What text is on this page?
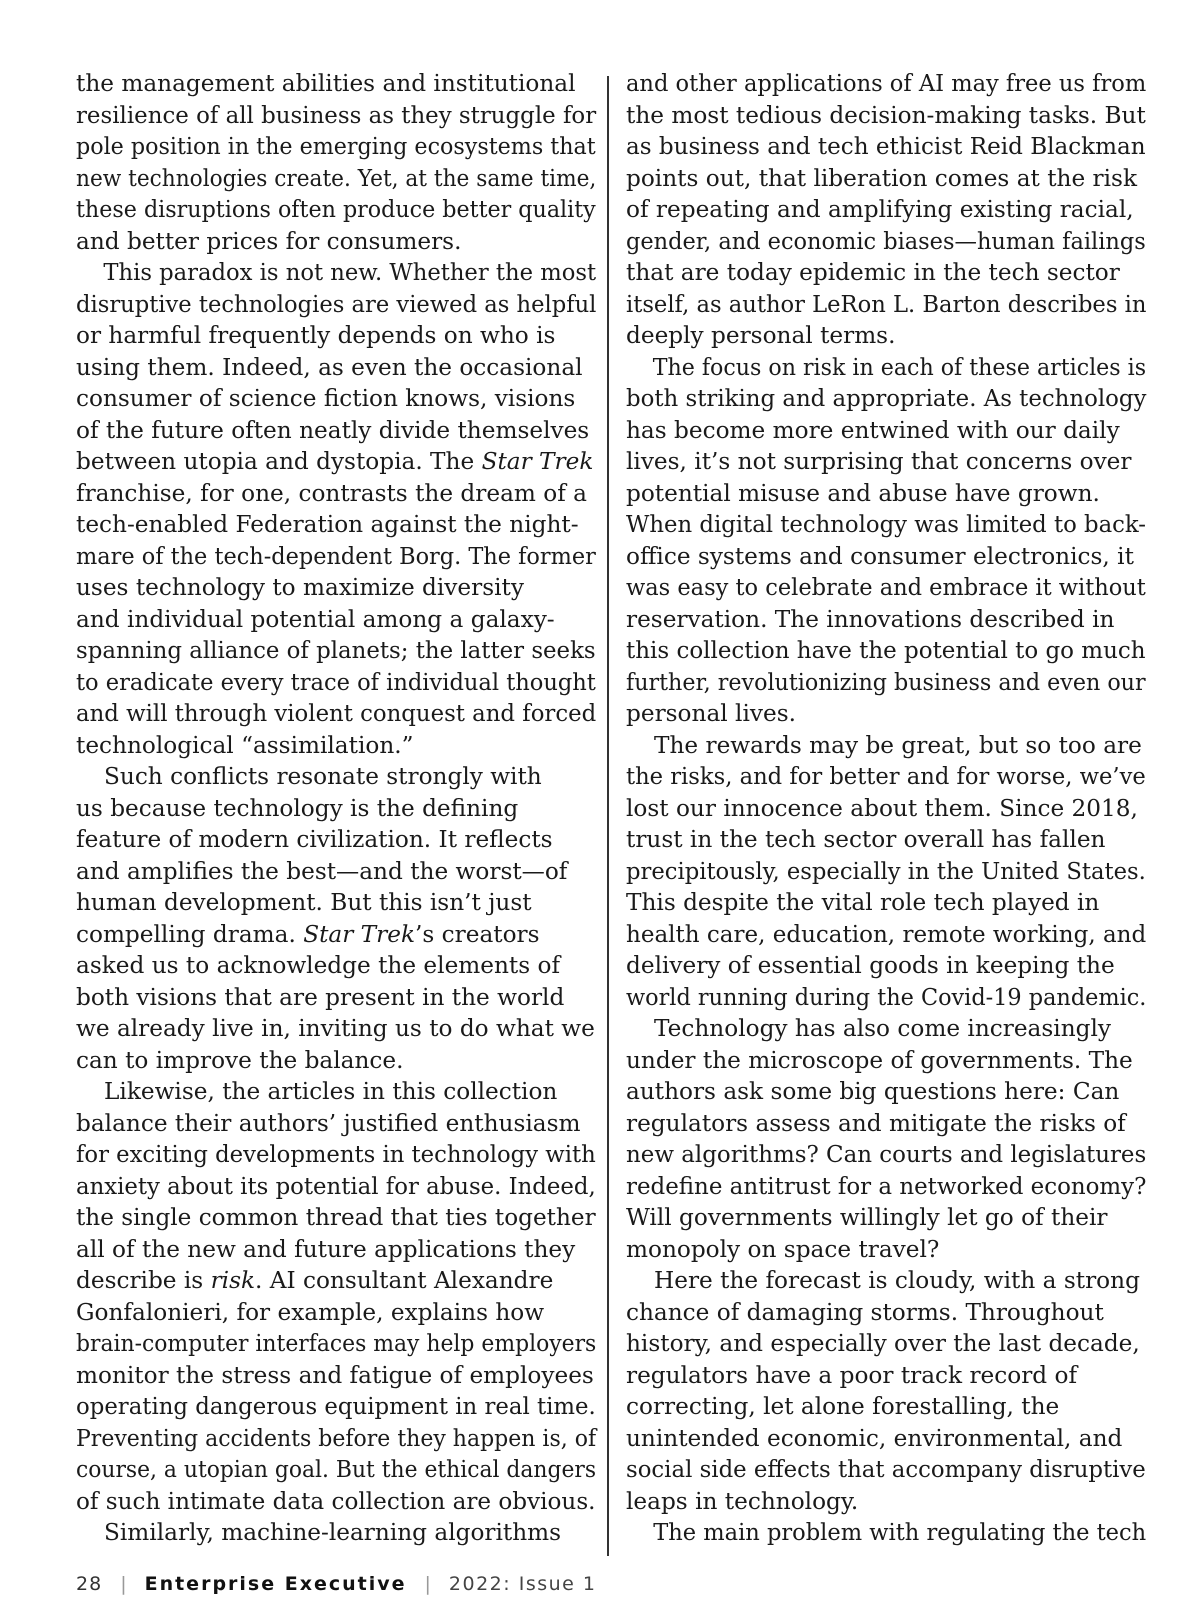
the management abilities and institutional
resilience of all business as they struggle for
pole position in the emerging ecosystems that
new technologies create. Yet, at the same time,
these disruptions often produce better quality
and better prices for consumers.
This paradox is not new. Whether the most
disruptive technologies are viewed as helpful
or harmful frequently depends on who is
using them. Indeed, as even the occasional
consumer of science fiction knows, visions
of the future often neatly divide themselves
between utopia and dystopia. The Star Trek
franchise, for one, contrasts the dream of a
tech-enabled Federation against the night-
mare of the tech-dependent Borg. The former
uses technology to maximize diversity
and individual potential among a galaxy-
spanning alliance of planets; the latter seeks
to eradicate every trace of individual thought
and will through violent conquest and forced
technological “assimilation.”
Such conflicts resonate strongly with
us because technology is the defining
feature of modern civilization. It reflects
and amplifies the best—and the worst—of
human development. But this isn’t just
compelling drama. Star Trek’s creators
asked us to acknowledge the elements of
both visions that are present in the world
we already live in, inviting us to do what we
can to improve the balance.
Likewise, the articles in this collection
balance their authors’ justified enthusiasm
for exciting developments in technology with
anxiety about its potential for abuse. Indeed,
the single common thread that ties together
all of the new and future applications they
describe is risk. AI consultant Alexandre
Gonfalonieri, for example, explains how
brain-computer interfaces may help employers
monitor the stress and fatigue of employees
operating dangerous equipment in real time.
Preventing accidents before they happen is, of
course, a utopian goal. But the ethical dangers
of such intimate data collection are obvious.
Similarly, machine-learning algorithms
and other applications of AI may free us from
the most tedious decision-making tasks. But
as business and tech ethicist Reid Blackman
points out, that liberation comes at the risk
of repeating and amplifying existing racial,
gender, and economic biases—human failings
that are today epidemic in the tech sector
itself, as author LeRon L. Barton describes in
deeply personal terms.
The focus on risk in each of these articles is
both striking and appropriate. As technology
has become more entwined with our daily
lives, it’s not surprising that concerns over
potential misuse and abuse have grown.
When digital technology was limited to back-
office systems and consumer electronics, it
was easy to celebrate and embrace it without
reservation. The innovations described in
this collection have the potential to go much
further, revolutionizing business and even our
personal lives.
The rewards may be great, but so too are
the risks, and for better and for worse, we’ve
lost our innocence about them. Since 2018,
trust in the tech sector overall has fallen
precipitously, especially in the United States.
This despite the vital role tech played in
health care, education, remote working, and
delivery of essential goods in keeping the
world running during the Covid-19 pandemic.
Technology has also come increasingly
under the microscope of governments. The
authors ask some big questions here: Can
regulators assess and mitigate the risks of
new algorithms? Can courts and legislatures
redefine antitrust for a networked economy?
Will governments willingly let go of their
monopoly on space travel?
Here the forecast is cloudy, with a strong
chance of damaging storms. Throughout
history, and especially over the last decade,
regulators have a poor track record of
correcting, let alone forestalling, the
unintended economic, environmental, and
social side effects that accompany disruptive
leaps in technology.
The main problem with regulating the tech
28 | Enterprise Executive | 2022: Issue 1
